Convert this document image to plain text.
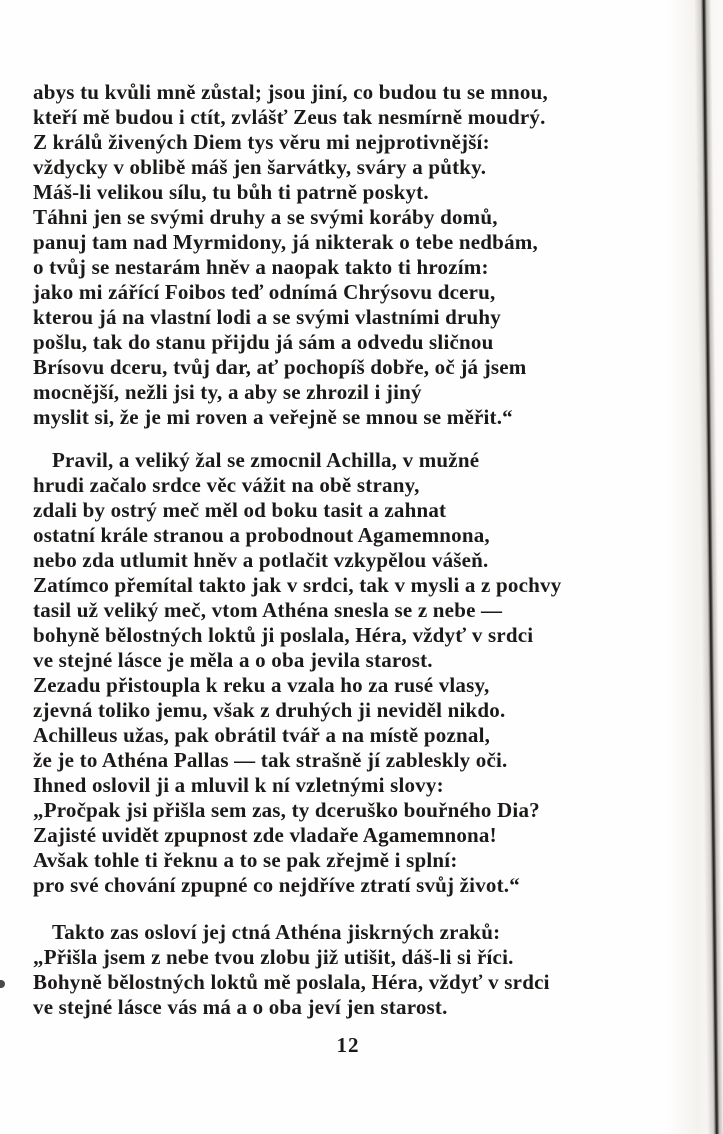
abys tu kvůli mně zůstal; jsou jiní, co budou tu se mnou,
kteří mě budou i ctít, zvlášť Zeus tak nesmírně moudrý.
Z králů živených Diem tys věru mi nejprotivnější:
vždycky v oblibě máš jen šarvátky, sváry a půtky.
Máš-li velikou sílu, tu bůh ti patrně poskyt.
Táhni jen se svými druhy a se svými koráby domů,
panuj tam nad Myrmidony, já nikterak o tebe nedbám,
o tvůj se nestarám hněv a naopak takto ti hrozím:
jako mi zářící Foibos teď odnímá Chrýsovu dceru,
kterou já na vlastní lodi a se svými vlastními druhy
pošlu, tak do stanu přijdu já sám a odvedu sličnou
Brísovu dceru, tvůj dar, ať pochopíš dobře, oč já jsem
mocnější, nežli jsi ty, a aby se zhrozil i jiný
myslit si, že je mi roven a veřejně se mnou se měřit.“
Pravil, a veliký žal se zmocnil Achilla, v mužné
hrudi začalo srdce věc vážit na obě strany,
zdali by ostrý meč měl od boku tasit a zahnat
ostatní krále stranou a probodnout Agamemnona,
nebo zda utlumit hněv a potlačit vzkypělou vášeň.
Zatímco přemítal takto jak v srdci, tak v mysli a z pochvy
tasil už veliký meč, vtom Athéna snesla se z nebe —
bohyně bělostných loktů ji poslala, Héra, vždyť v srdci
ve stejné lásce je měla a o oba jevila starost.
Zezadu přistoupla k reku a vzala ho za rusé vlasy,
zjevná toliko jemu, však z druhých ji neviděl nikdo.
Achilleus užas, pak obrátil tvář a na místě poznal,
že je to Athéna Pallas — tak strašně jí zableskly oči.
Ihned oslovil ji a mluvil k ní vzletnými slovy:
„Pročpak jsi přišla sem zas, ty dceruško bouřného Dia?
Zajisté uvidět zpupnost zde vladaře Agamemnona!
Avšak tohle ti řeknu a to se pak zřejmě i splní:
pro své chování zpupné co nejdříve ztratí svůj život.“
Takto zas osloví jej ctná Athéna jiskrných zraků:
„Přišla jsem z nebe tvou zlobu již utišit, dáš-li si říci.
Bohyně bělostných loktů mě poslala, Héra, vždyť v srdci
ve stejné lásce vás má a o oba jeví jen starost.
12
